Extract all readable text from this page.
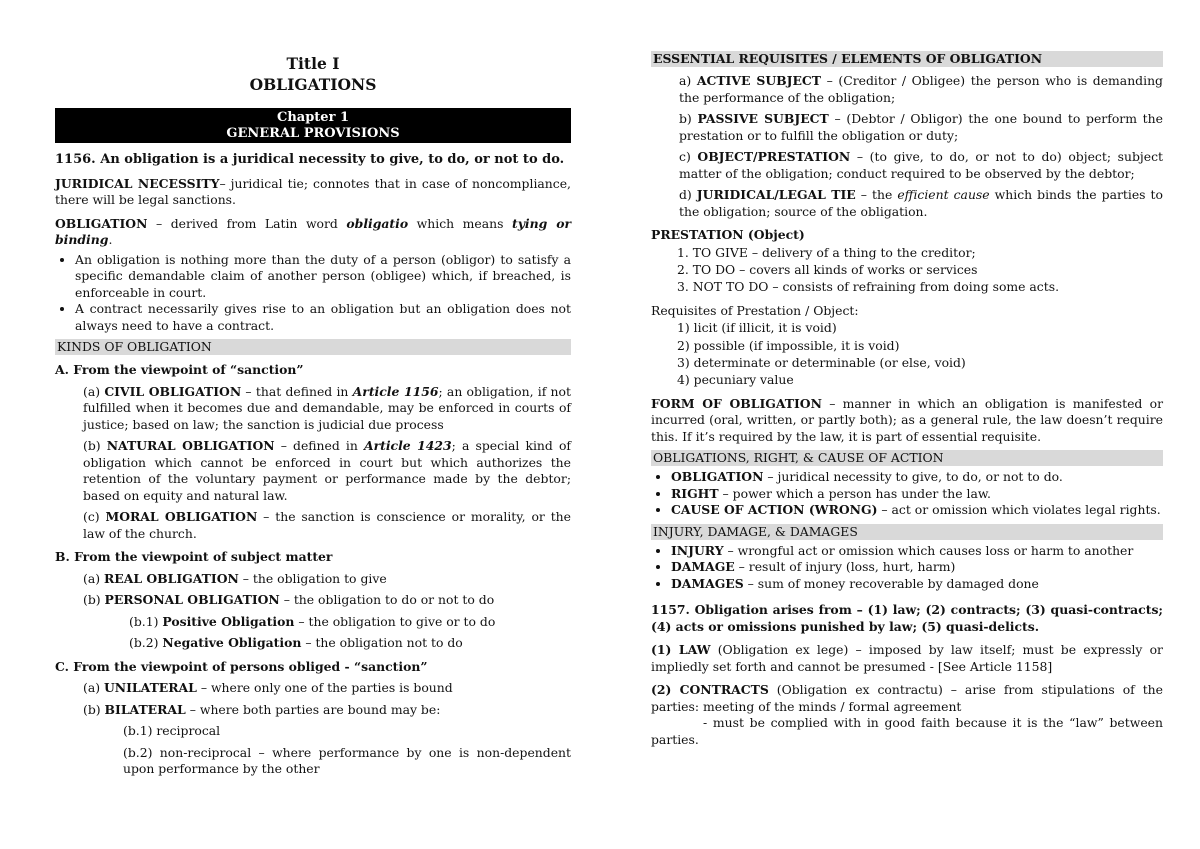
Title I
OBLIGATIONS
Chapter 1
GENERAL PROVISIONS
1156. An obligation is a juridical necessity to give, to do, or not to do.

JURIDICAL NECESSITY– juridical tie; connotes that in case of noncompliance, there will be legal sanctions.

OBLIGATION – derived from Latin word obligatio which means tying or binding.

• An obligation is nothing more than the duty of a person (obligor) to satisfy a specific demandable claim of another person (obligee) which, if breached, is enforceable in court.
• A contract necessarily gives rise to an obligation but an obligation does not always need to have a contract.
KINDS OF OBLIGATION
A. From the viewpoint of “sanction”
(a) CIVIL OBLIGATION – that defined in Article 1156; an obligation, if not fulfilled when it becomes due and demandable, may be enforced in courts of justice; based on law; the sanction is judicial due process
(b) NATURAL OBLIGATION – defined in Article 1423; a special kind of obligation which cannot be enforced in court but which authorizes the retention of the voluntary payment or performance made by the debtor; based on equity and natural law.
(c) MORAL OBLIGATION – the sanction is conscience or morality, or the law of the church.
B. From the viewpoint of subject matter
(a) REAL OBLIGATION – the obligation to give
(b) PERSONAL OBLIGATION – the obligation to do or not to do
(b.1) Positive Obligation – the obligation to give or to do
(b.2) Negative Obligation – the obligation not to do
C. From the viewpoint of persons obliged - “sanction”
(a) UNILATERAL – where only one of the parties is bound
(b) BILATERAL – where both parties are bound may be:
(b.1) reciprocal
(b.2) non-reciprocal – where performance by one is non-dependent upon performance by the other
ESSENTIAL REQUISITES / ELEMENTS OF OBLIGATION
a) ACTIVE SUBJECT – (Creditor / Obligee) the person who is demanding the performance of the obligation;
b) PASSIVE SUBJECT – (Debtor / Obligor) the one bound to perform the prestation or to fulfill the obligation or duty;
c) OBJECT/PRESTATION – (to give, to do, or not to do) object; subject matter of the obligation; conduct required to be observed by the debtor;
d) JURIDICAL/LEGAL TIE – the efficient cause which binds the parties to the obligation; source of the obligation.
PRESTATION (Object)
1. TO GIVE – delivery of a thing to the creditor;
2. TO DO – covers all kinds of works or services
3. NOT TO DO – consists of refraining from doing some acts.
Requisites of Prestation / Object:
1) licit (if illicit, it is void)
2) possible (if impossible, it is void)
3) determinate or determinable (or else, void)
4) pecuniary value

FORM OF OBLIGATION – manner in which an obligation is manifested or incurred (oral, written, or partly both); as a general rule, the law doesn’t require this. If it’s required by the law, it is part of essential requisite.

OBLIGATIONS, RIGHT, & CAUSE OF ACTION
• OBLIGATION – juridical necessity to give, to do, or not to do.
• RIGHT – power which a person has under the law.
• CAUSE OF ACTION (WRONG) – act or omission which violates legal rights.
INJURY, DAMAGE, & DAMAGES
• INJURY – wrongful act or omission which causes loss or harm to another
• DAMAGE – result of injury (loss, hurt, harm)
• DAMAGES – sum of money recoverable by damaged done

1157. Obligation arises from – (1) law; (2) contracts; (3) quasi-contracts; (4) acts or omissions punished by law; (5) quasi-delicts.

(1) LAW (Obligation ex lege) – imposed by law itself; must be expressly or impliedly set forth and cannot be presumed - [See Article 1158]

(2) CONTRACTS (Obligation ex contractu) – arise from stipulations of the parties: meeting of the minds / formal agreement

- must be complied with in good faith because it is the “law” between parties.
